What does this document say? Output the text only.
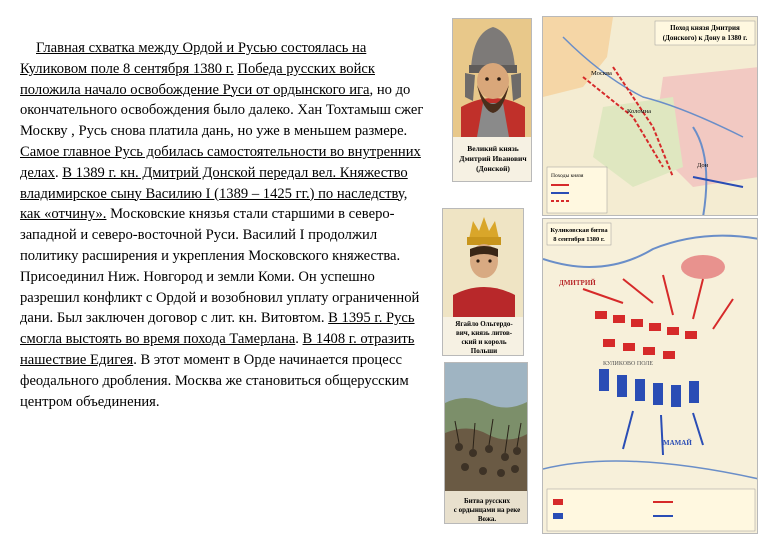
Главная схватка между Ордой и Русью состоялась на Куликовом поле 8 сентября 1380 г. Победа русских войск положила начало освобождение Руси от ордынского ига, но до окончательного освобождения было далеко. Хан Тохтамыш сжег Москву , Русь снова платила дань, но уже в меньшем размере. Самое главное Русь добилась самостоятельности во внутренних делах. В 1389 г. кн. Дмитрий Донской передал вел. Княжество владимирское сыну Василию I (1389 – 1425 гг.) по наследству, как «отчину». Московские князья стали старшими в северо-западной и северо-восточной Руси. Василий I продолжил политику расширения и укрепления Московского княжества. Присоединил Ниж. Новгород и земли Коми. Он успешно разрешил конфликт с Ордой и возобновил уплату ограниченной дани. Был заключен договор с лит. кн. Витовтом. В 1395 г. Русь смогла выстоять во время похода Тамерлана. В 1408 г. отразить нашествие Едигея. В этот момент в Орде начинается процесс феодального дробления. Москва же становиться общерусским центром объединения.

Великий князь
Дмитрий Иванович
(Донской)
Ягайло Ольгердо-
вич, князь литов-
ский и король
Польши
Битва русских
с ордынцами на реке
Вожа.
Поход князя Дмитрия
(Донского) к Дону в 1380 г.
Москва
Коломна
Дон
Походы князя
Куликовская битва
8 сентября 1380 г.
ДМИТРИЙ
МАМАЙ
КУЛИКОВО ПОЛЕ
